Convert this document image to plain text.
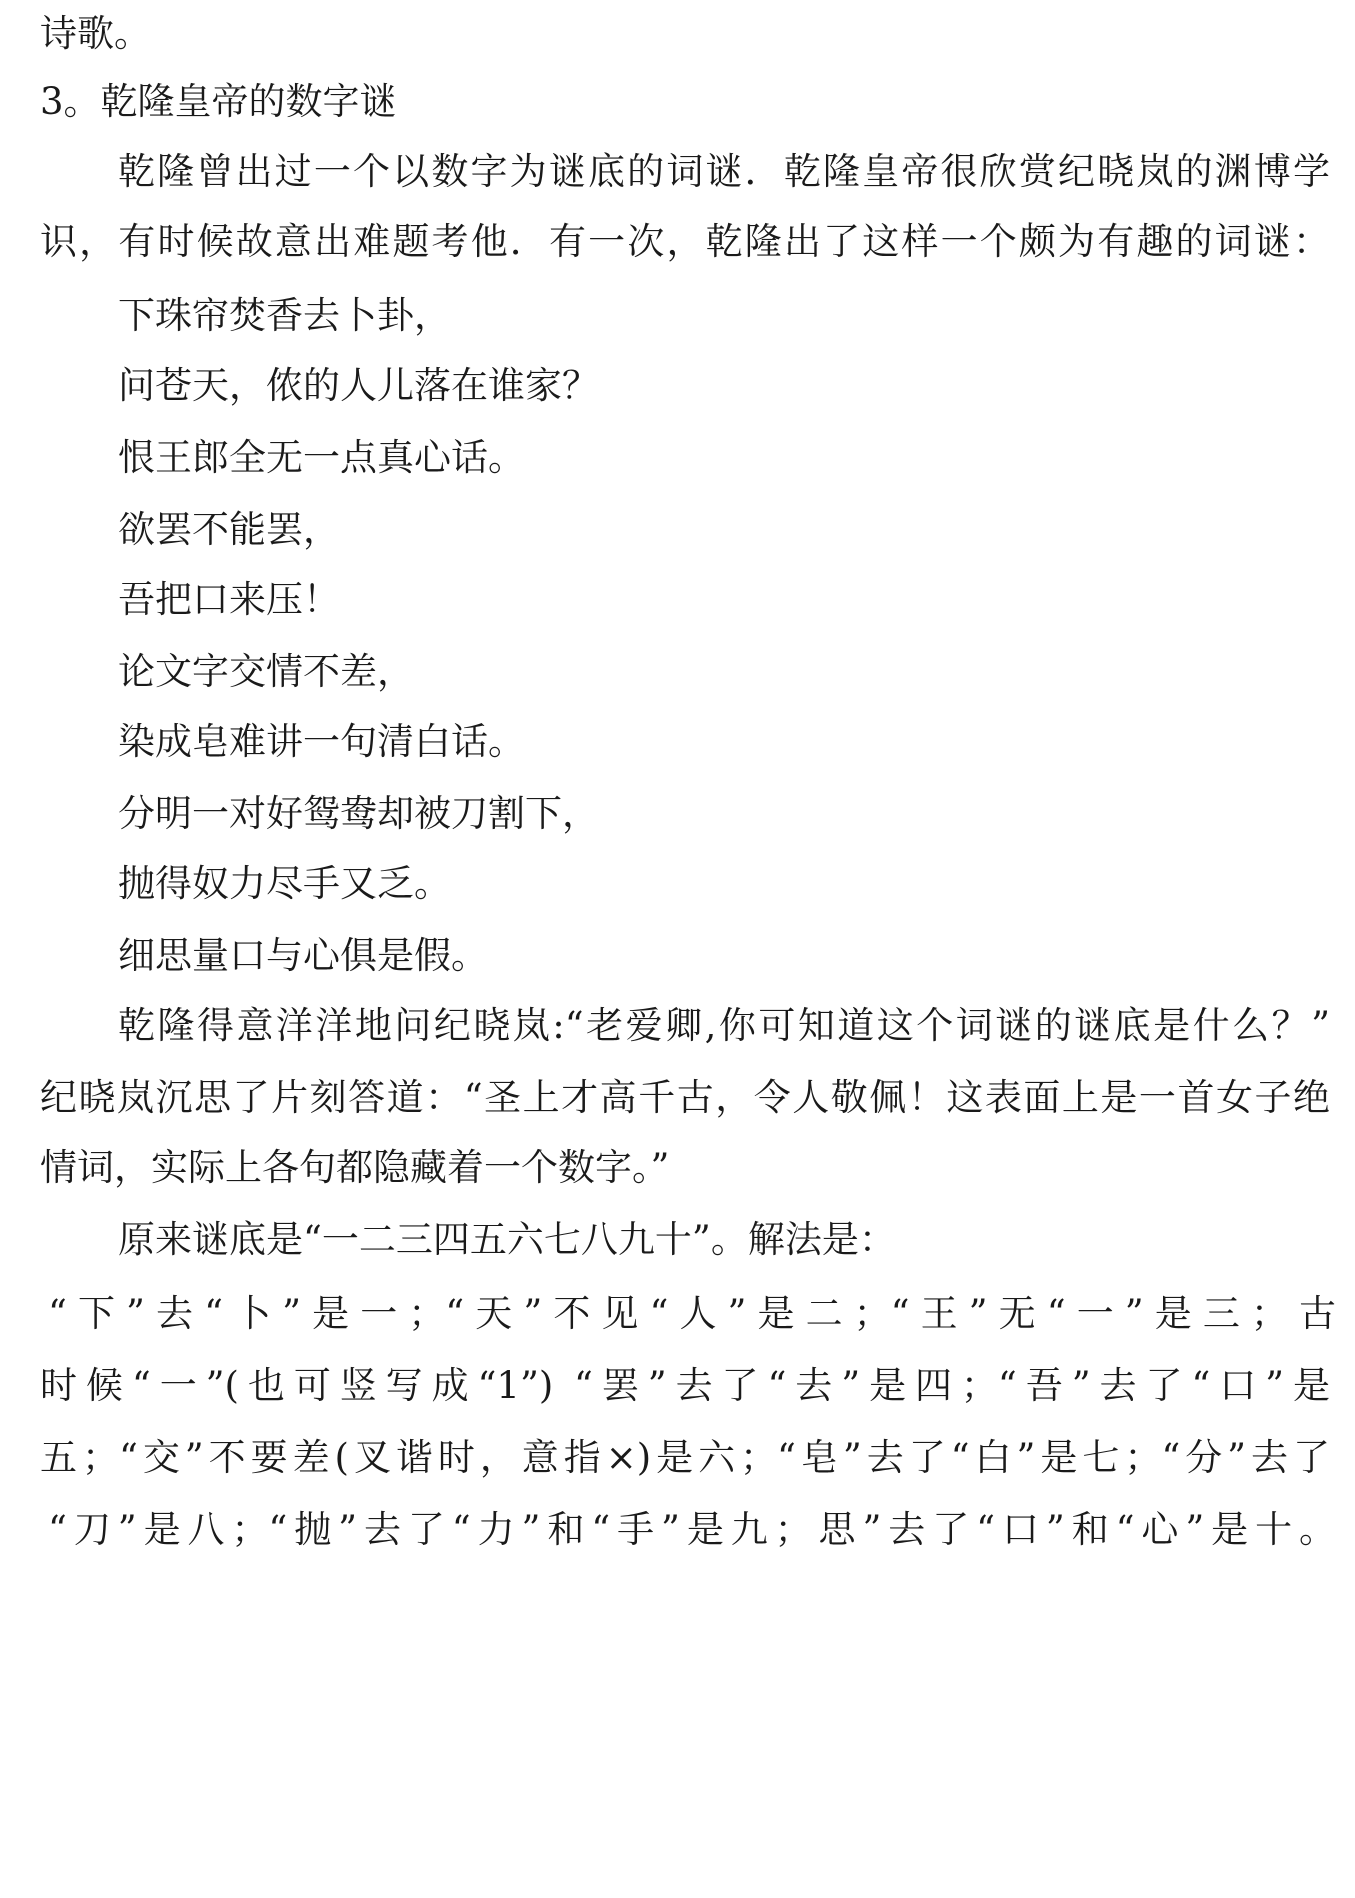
诗歌。
3。乾隆皇帝的数字谜
乾隆曾出过一个以数字为谜底的词谜．乾隆皇帝很欣赏纪晓岚的渊博学
识，有时候故意出难题考他．有一次，乾隆出了这样一个颇为有趣的词谜：
下珠帘焚香去卜卦，
问苍天，侬的人儿落在谁家？
恨王郎全无一点真心话。
欲罢不能罢，
吾把口来压！
论文字交情不差，
染成皂难讲一句清白话。
分明一对好鸳鸯却被刀割下，
抛得奴力尽手又乏。
细思量口与心俱是假。
乾隆得意洋洋地问纪晓岚:“老爱卿,你可知道这个词谜的谜底是什么？”
纪晓岚沉思了片刻答道：“圣上才高千古，令人敬佩！这表面上是一首女子绝
情词，实际上各句都隐藏着一个数字。”
原来谜底是“一二三四五六七八九十”。解法是：
“下”去“卜”是一；“天”不见“人”是二；“王”无“一”是三；古
时候“一”(也可竖写成“1”) “罢”去了“去”是四；“吾”去了“口”是
五；“交”不要差(叉谐时，意指×)是六；“皂”去了“白”是七；“分”去了
“刀”是八；“抛”去了“力”和“手”是九；思”去了“口”和“心”是十。
